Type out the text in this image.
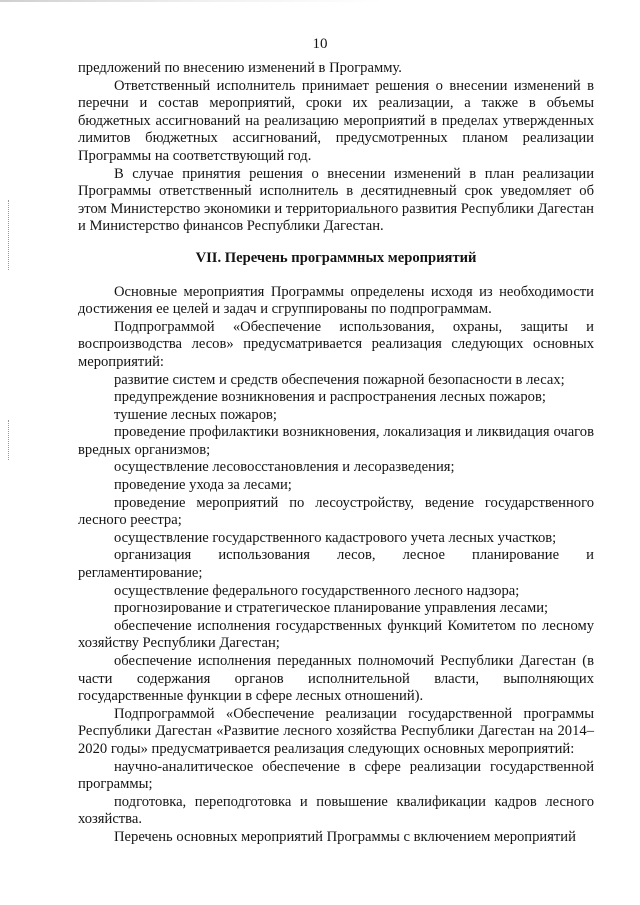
10

предложений по внесению изменений в Программу.

Ответственный исполнитель принимает решения о внесении изменений в перечни и состав мероприятий, сроки их реализации, а также в объемы бюджетных ассигнований на реализацию мероприятий в пределах утвержденных лимитов бюджетных ассигнований, предусмотренных планом реализации Программы на соответствующий год.

В случае принятия решения о внесении изменений в план реализации Программы ответственный исполнитель в десятидневный срок уведомляет об этом Министерство экономики и территориального развития Республики Дагестан и Министерство финансов Республики Дагестан.

VII. Перечень программных мероприятий

Основные мероприятия Программы определены исходя из необходимости достижения ее целей и задач и сгруппированы по подпрограммам.

Подпрограммой «Обеспечение использования, охраны, защиты и воспроизводства лесов» предусматривается реализация следующих основных мероприятий:

развитие систем и средств обеспечения пожарной безопасности в лесах;

предупреждение возникновения и распространения лесных пожаров;

тушение лесных пожаров;

проведение профилактики возникновения, локализация и ликвидация очагов вредных организмов;

осуществление лесовосстановления и лесоразведения;

проведение ухода за лесами;

проведение мероприятий по лесоустройству, ведение государственного лесного реестра;

осуществление государственного кадастрового учета лесных участков;

организация использования лесов, лесное планирование и регламентирование;

осуществление федерального государственного лесного надзора;

прогнозирование и стратегическое планирование управления лесами;

обеспечение исполнения государственных функций Комитетом по лесному хозяйству Республики Дагестан;

обеспечение исполнения переданных полномочий Республики Дагестан (в части содержания органов исполнительной власти, выполняющих государственные функции в сфере лесных отношений).

Подпрограммой «Обеспечение реализации государственной программы Республики Дагестан «Развитие лесного хозяйства Республики Дагестан на 2014–2020 годы» предусматривается реализация следующих основных мероприятий:

научно-аналитическое обеспечение в сфере реализации государственной программы;

подготовка, переподготовка и повышение квалификации кадров лесного хозяйства.

Перечень основных мероприятий Программы с включением мероприятий
